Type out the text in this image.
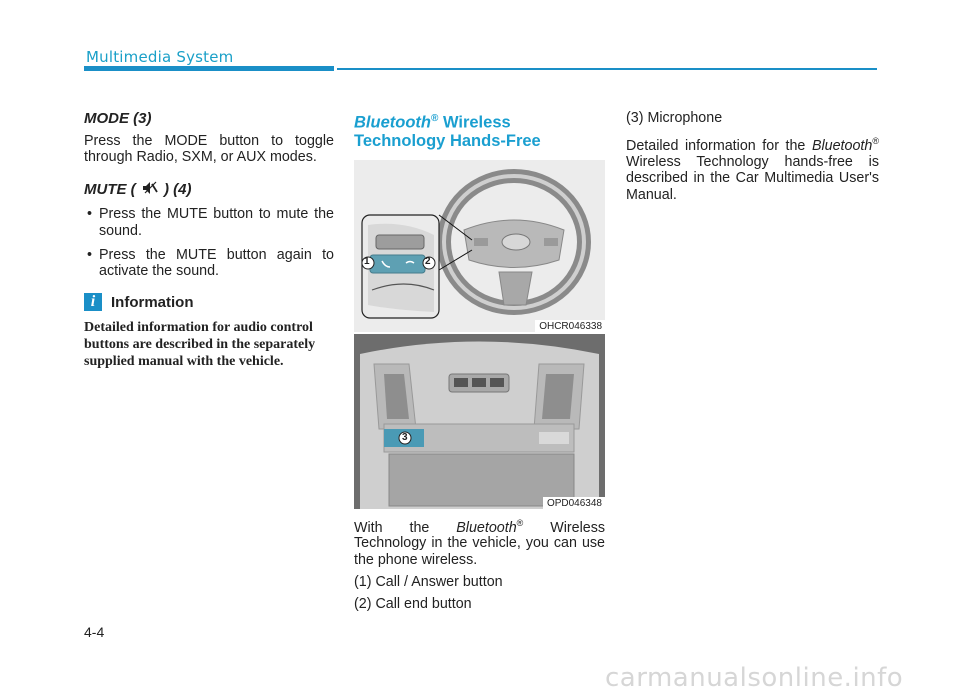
Multimedia System
MODE (3)

Press the MODE button to toggle through Radio, SXM, or AUX modes.

MUTE ( ) (4)
• Press the MUTE button to mute the sound.
• Press the MUTE button again to activate the sound.
i	Information

Detailed information for audio control buttons are described in the separately supplied manual with the vehicle.

Bluetooth® Wireless
Technology Hands-Free
1	2
OHCR046338
3
OPD046348

With the Bluetooth® Wireless Technology in the vehicle, you can use the phone wireless.

(1) Call / Answer button
(2) Call end button
(3) Microphone

Detailed information for the Bluetooth® Wireless Technology hands-free is described in the Car Multimedia User's Manual.

4-4
carmanualsonline.info
